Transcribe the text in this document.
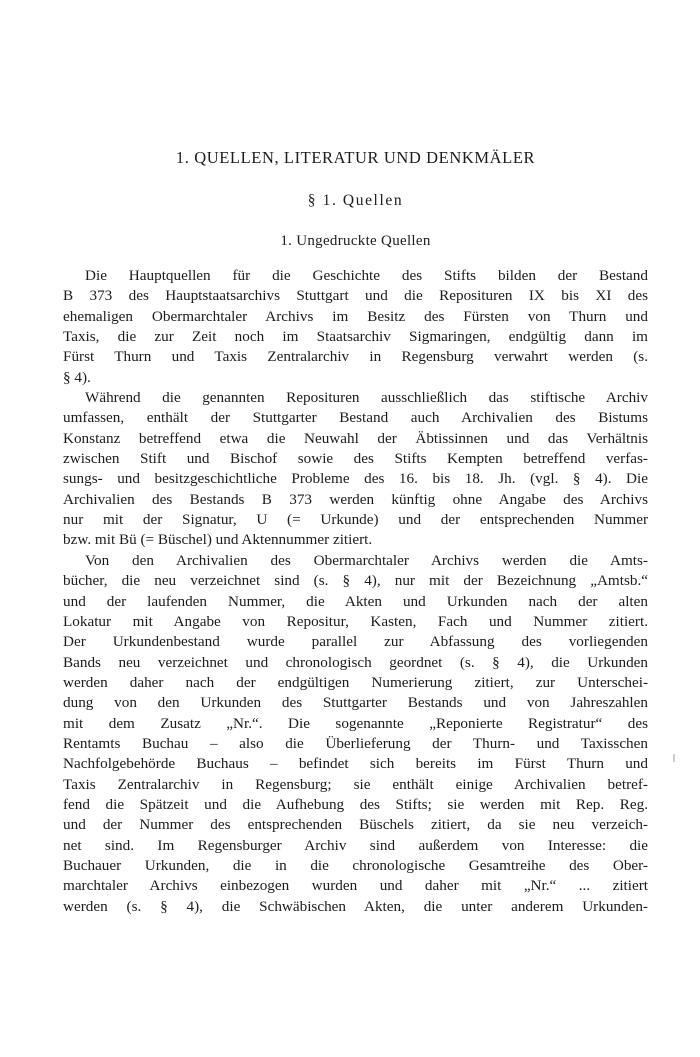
1. QUELLEN, LITERATUR UND DENKMÄLER
§ 1. Quellen
1. Ungedruckte Quellen
Die Hauptquellen für die Geschichte des Stifts bilden der Bestand
B 373 des Hauptstaatsarchivs Stuttgart und die Reposituren IX bis XI des
ehemaligen Obermarchtaler Archivs im Besitz des Fürsten von Thurn und
Taxis, die zur Zeit noch im Staatsarchiv Sigmaringen, endgültig dann im
Fürst Thurn und Taxis Zentralarchiv in Regensburg verwahrt werden (s.
§ 4).
Während die genannten Reposituren ausschließlich das stiftische Archiv
umfassen, enthält der Stuttgarter Bestand auch Archivalien des Bistums
Konstanz betreffend etwa die Neuwahl der Äbtissinnen und das Verhältnis
zwischen Stift und Bischof sowie des Stifts Kempten betreffend verfas-
sungs- und besitzgeschichtliche Probleme des 16. bis 18. Jh. (vgl. § 4). Die
Archivalien des Bestands B 373 werden künftig ohne Angabe des Archivs
nur mit der Signatur, U (= Urkunde) und der entsprechenden Nummer
bzw. mit Bü (= Büschel) und Aktennummer zitiert.
Von den Archivalien des Obermarchtaler Archivs werden die Amts-
bücher, die neu verzeichnet sind (s. § 4), nur mit der Bezeichnung „Amtsb.“
und der laufenden Nummer, die Akten und Urkunden nach der alten
Lokatur mit Angabe von Repositur, Kasten, Fach und Nummer zitiert.
Der Urkundenbestand wurde parallel zur Abfassung des vorliegenden
Bands neu verzeichnet und chronologisch geordnet (s. § 4), die Urkunden
werden daher nach der endgültigen Numerierung zitiert, zur Unterschei-
dung von den Urkunden des Stuttgarter Bestands und von Jahreszahlen
mit dem Zusatz „Nr.“. Die sogenannte „Reponierte Registratur“ des
Rentamts Buchau – also die Überlieferung der Thurn- und Taxisschen
Nachfolgebehörde Buchaus – befindet sich bereits im Fürst Thurn und
Taxis Zentralarchiv in Regensburg; sie enthält einige Archivalien betref-
fend die Spätzeit und die Aufhebung des Stifts; sie werden mit Rep. Reg.
und der Nummer des entsprechenden Büschels zitiert, da sie neu verzeich-
net sind. Im Regensburger Archiv sind außerdem von Interesse: die
Buchauer Urkunden, die in die chronologische Gesamtreihe des Ober-
marchtaler Archivs einbezogen wurden und daher mit „Nr.“ ... zitiert
werden (s. § 4), die Schwäbischen Akten, die unter anderem Urkunden-
